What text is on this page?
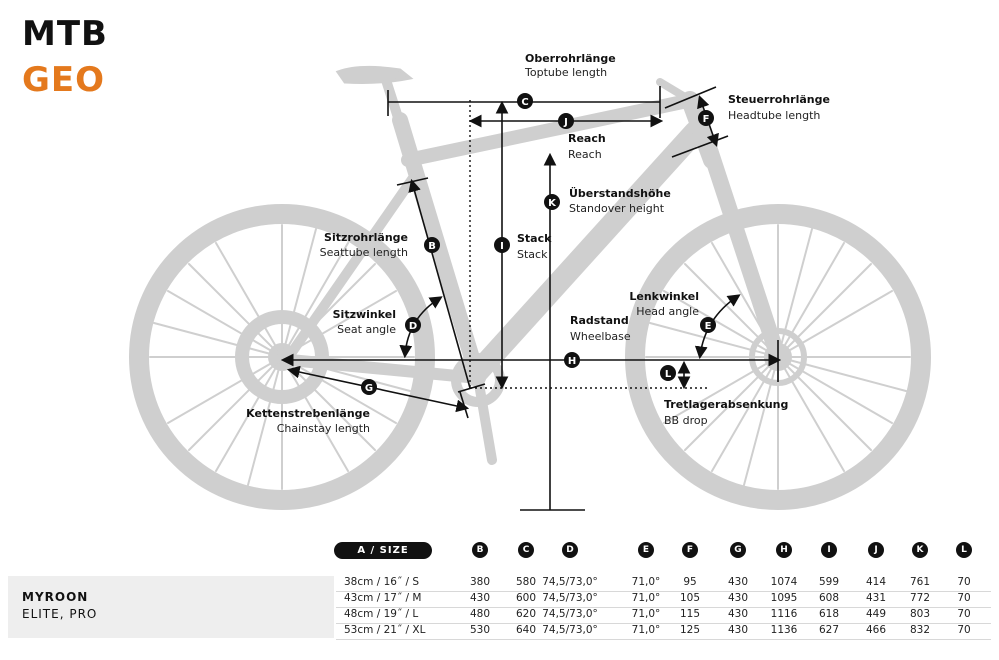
MTB
GEO
C
J	F
K
I
B
D	E
H
L
G
Oberrohrlänge
Toptube length
Steuerrohrlänge
Headtube length
Reach
Reach
Überstandshöhe
Standover height
Stack
Stack
Sitzrohrlänge
Seattube length
Sitzwinkel
Seat angle
Lenkwinkel
Head angle
Radstand
Wheelbase
Kettenstrebenlänge
Chainstay length
Tretlagerabsenkung
BB drop
A / SIZE	B	C	D	E	F	G	H	I	J	K	L
MYROON
ELITE, PRO
38cm / 16˝ / S	380 580 74,5/73,0°	71,0° 95	430 1074 599	414 761	70
43cm / 17˝ / M	430 600 74,5/73,0°	71,0° 105	430 1095 608	431 772	70
48cm / 19˝ / L	480 620 74,5/73,0°	71,0° 115	430 1116 618	449 803	70
53cm / 21˝ / XL	530 640 74,5/73,0°	71,0° 125	430 1136 627	466 832	70
